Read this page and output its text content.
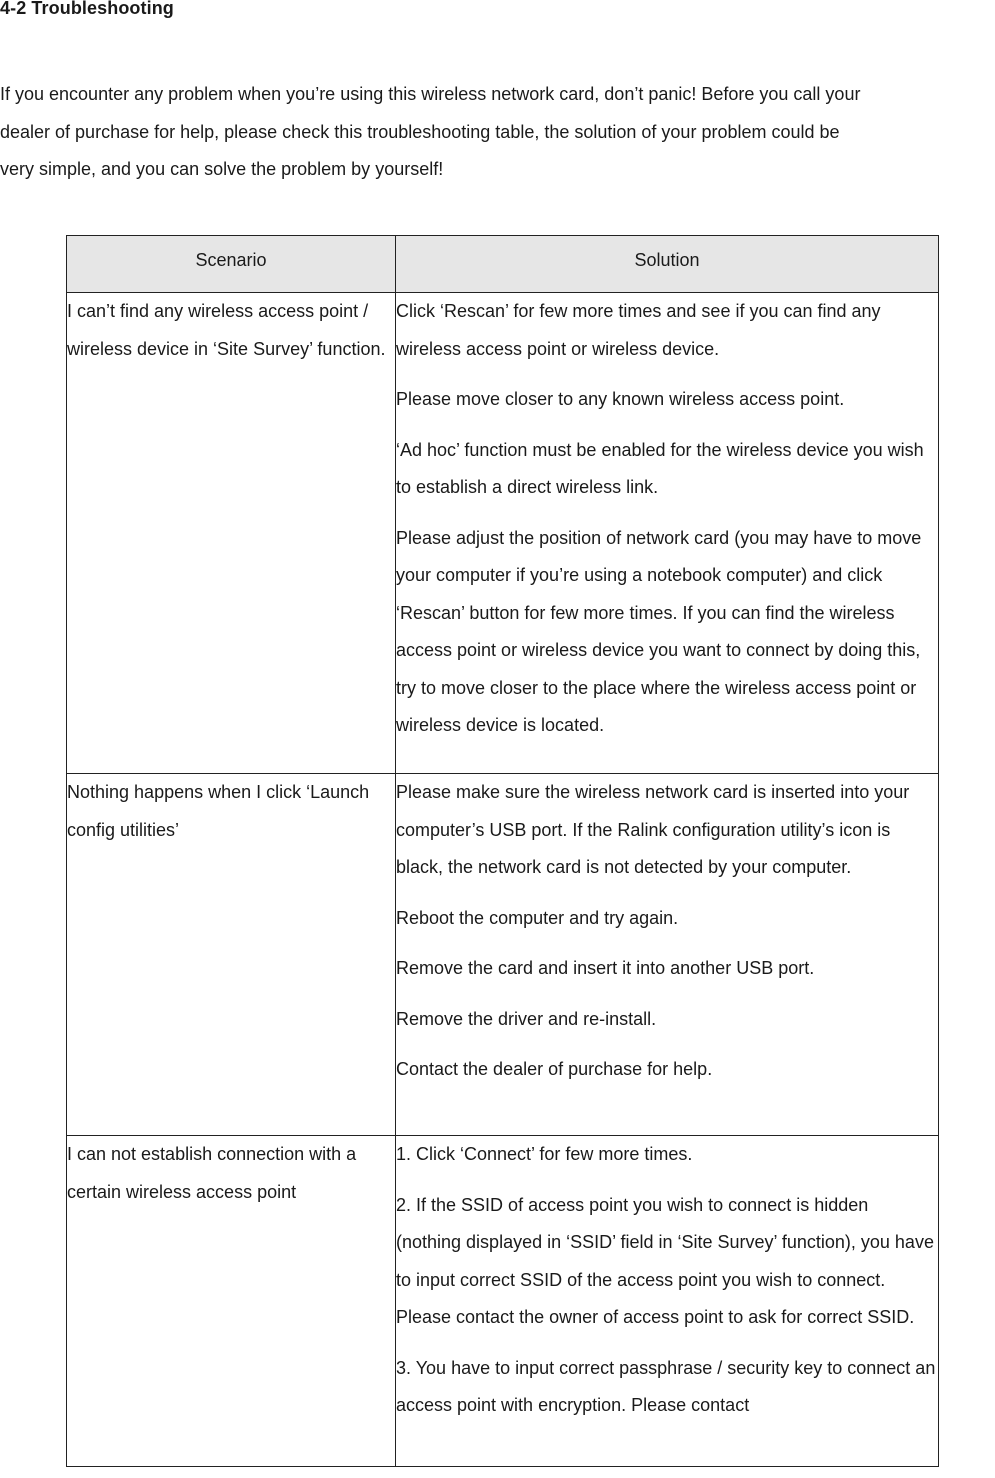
4-2 Troubleshooting

If you encounter any problem when you’re using this wireless network card, don’t panic! Before you call your

dealer of purchase for help, please check this troubleshooting table, the solution of your problem could be

very simple, and you can solve the problem by yourself!

Scenario	Solution
I can’t find any wireless access point / wireless device in ‘Site Survey’ function.	Click ‘Rescan’ for few more times and see if you can find any wireless access point or wireless device.

Please move closer to any known wireless access point.

‘Ad hoc’ function must be enabled for the wireless device you wish to establish a direct wireless link.

Please adjust the position of network card (you may have to move your computer if you’re using a notebook computer) and click ‘Rescan’ button for few more times. If you can find the wireless access point or wireless device you want to connect by doing this, try to move closer to the place where the wireless access point or wireless device is located.

Nothing happens when I click ‘Launch config utilities’	Please make sure the wireless network card is inserted into your computer’s USB port. If the Ralink configuration utility’s icon is black, the network card is not detected by your computer.

Reboot the computer and try again.

Remove the card and insert it into another USB port.

Remove the driver and re-install.

Contact the dealer of purchase for help.

I can not establish connection with a certain wireless access point	1. Click ‘Connect’ for few more times.

2. If the SSID of access point you wish to connect is hidden (nothing displayed in ‘SSID’ field in ‘Site Survey’ function), you have to input correct SSID of the access point you wish to connect. Please contact the owner of access point to ask for correct SSID.

3. You have to input correct passphrase / security key to connect an access point with encryption. Please contact
